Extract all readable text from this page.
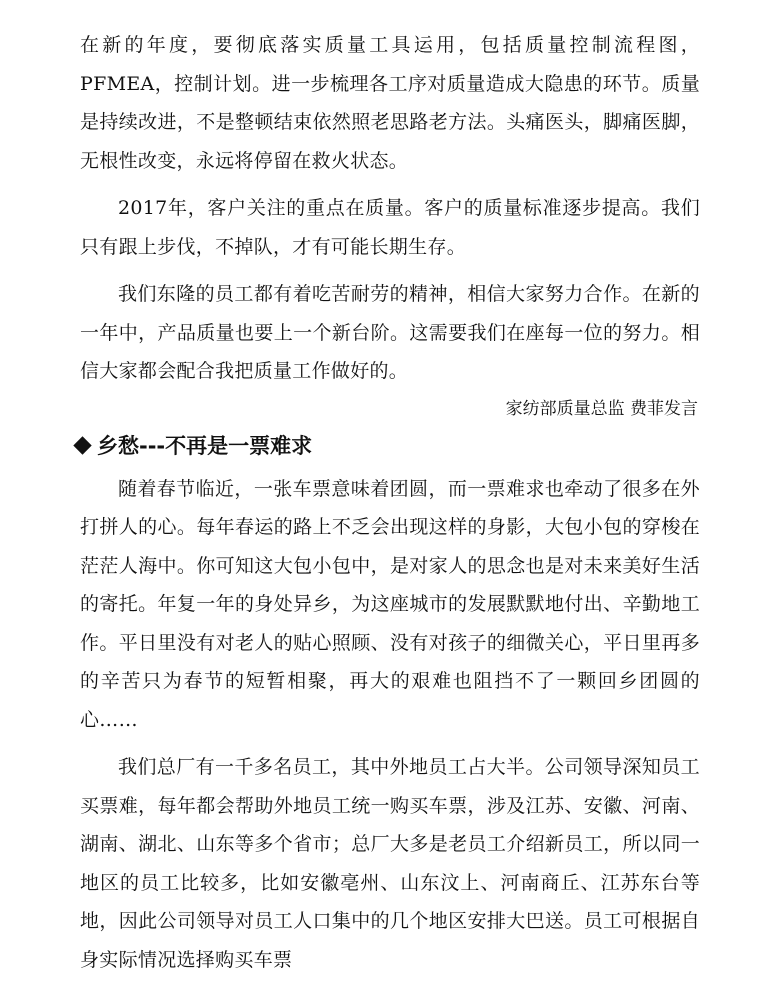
在新的年度，要彻底落实质量工具运用，包括质量控制流程图，PFMEA，控制计划。进一步梳理各工序对质量造成大隐患的环节。质量是持续改进，不是整顿结束依然照老思路老方法。头痛医头，脚痛医脚，无根性改变，永远将停留在救火状态。

2017年，客户关注的重点在质量。客户的质量标准逐步提高。我们只有跟上步伐，不掉队，才有可能长期生存。

我们东隆的员工都有着吃苦耐劳的精神，相信大家努力合作。在新的一年中，产品质量也要上一个新台阶。这需要我们在座每一位的努力。相信大家都会配合我把质量工作做好的。

家纺部质量总监 费菲发言

乡愁---不再是一票难求

随着春节临近，一张车票意味着团圆，而一票难求也牵动了很多在外打拼人的心。每年春运的路上不乏会出现这样的身影，大包小包的穿梭在茫茫人海中。你可知这大包小包中，是对家人的思念也是对未来美好生活的寄托。年复一年的身处异乡，为这座城市的发展默默地付出、辛勤地工作。平日里没有对老人的贴心照顾、没有对孩子的细微关心，平日里再多的辛苦只为春节的短暂相聚，再大的艰难也阻挡不了一颗回乡团圆的心……

我们总厂有一千多名员工，其中外地员工占大半。公司领导深知员工买票难，每年都会帮助外地员工统一购买车票，涉及江苏、安徽、河南、湖南、湖北、山东等多个省市；总厂大多是老员工介绍新员工，所以同一地区的员工比较多，比如安徽亳州、山东汶上、河南商丘、江苏东台等地，因此公司领导对员工人口集中的几个地区安排大巴送。员工可根据自身实际情况选择购买车票
